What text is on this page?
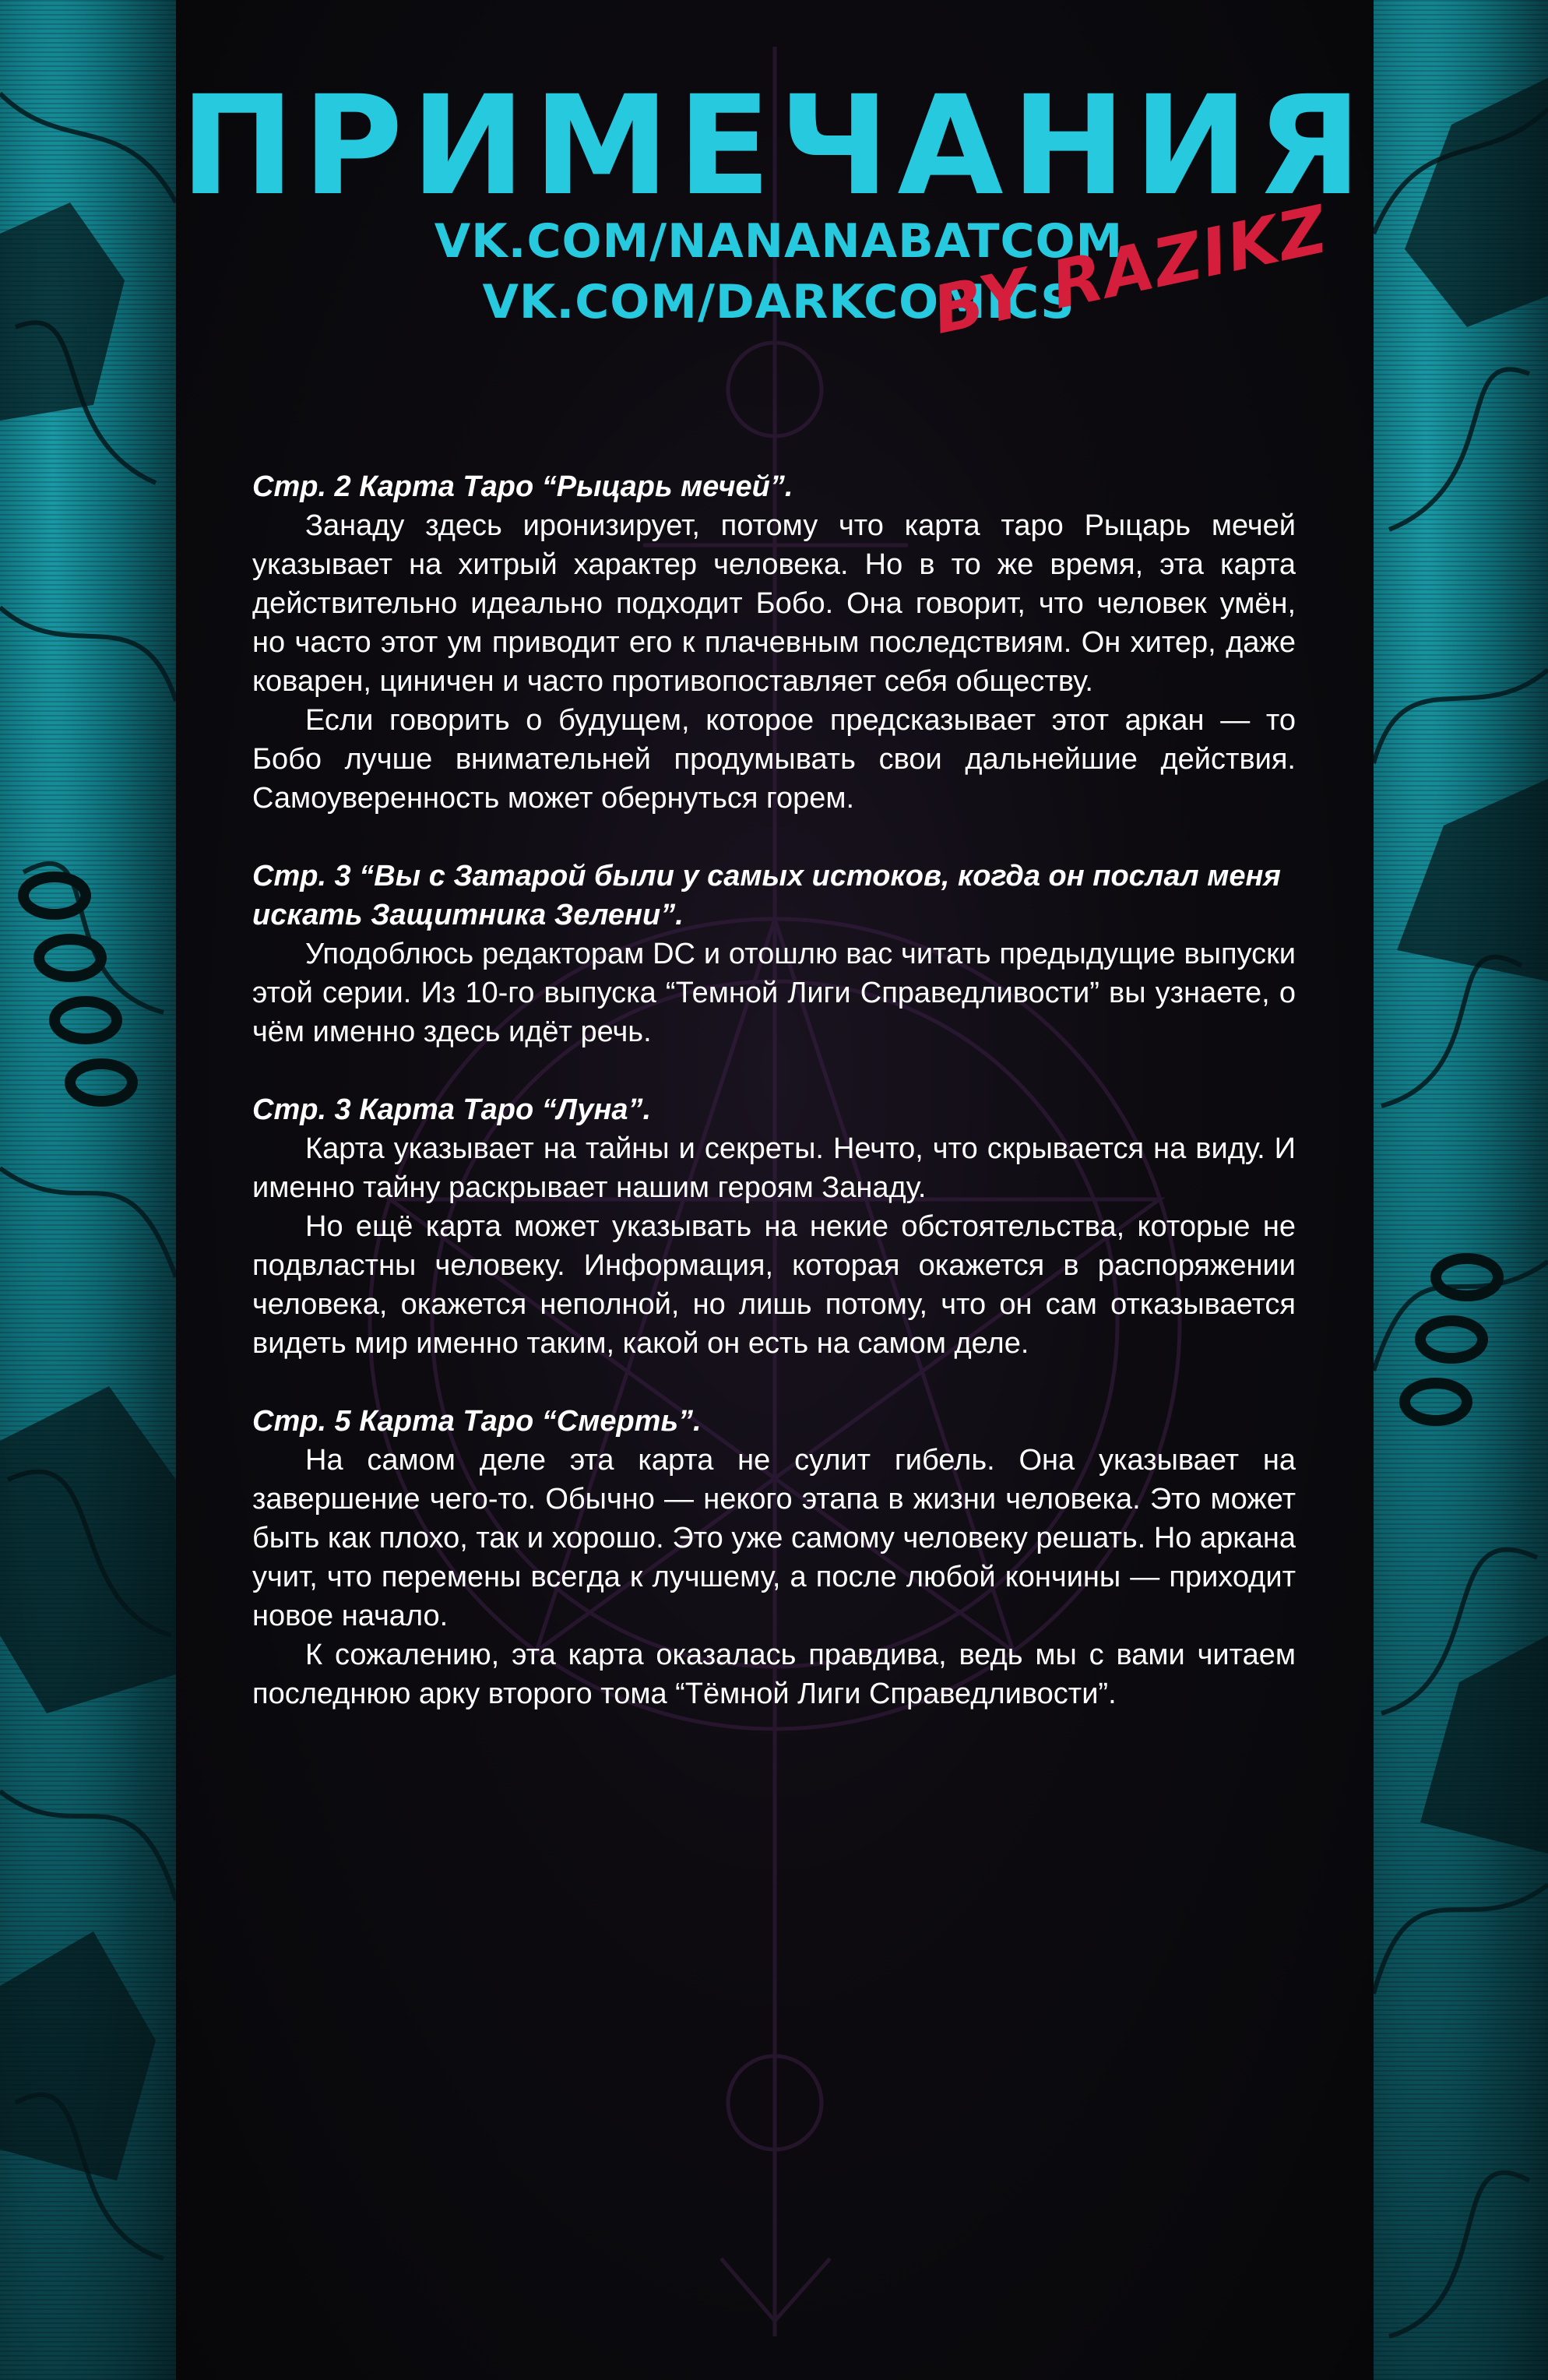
ПРИМЕЧАНИЯ
VK.COM/NANANABATCOM
VK.COM/DARKCOMICS
BY RAZIKZ

Стр. 2 Карта Таро “Рыцарь мечей”.

Занаду здесь иронизирует, потому что карта таро Рыцарь мечей указывает на хитрый характер человека. Но в то же время, эта карта действительно идеально подходит Бобо. Она говорит, что человек умён, но часто этот ум приводит его к плачевным последствиям. Он хитер, даже коварен, циничен и часто противопоставляет себя обществу.

Если говорить о будущем, которое предсказывает этот аркан — то Бобо лучше внимательней продумывать свои дальнейшие действия. Самоуверенность может обернуться горем.

Стр. 3 “Вы с Затарой были у самых истоков, когда он послал меня искать Защитника Зелени”.

Уподоблюсь редакторам DC и отошлю вас читать предыдущие выпуски этой серии. Из 10-го выпуска “Темной Лиги Справедливости” вы узнаете, о чём именно здесь идёт речь.

Стр. 3 Карта Таро “Луна”.

Карта указывает на тайны и секреты. Нечто, что скрывается на виду. И именно тайну раскрывает нашим героям Занаду.

Но ещё карта может указывать на некие обстоятельства, которые не подвластны человеку. Информация, которая окажется в распоряжении человека, окажется неполной, но лишь потому, что он сам отказывается видеть мир именно таким, какой он есть на самом деле.

Стр. 5 Карта Таро “Смерть”.

На самом деле эта карта не сулит гибель. Она указывает на завершение чего-то. Обычно — некого этапа в жизни человека. Это может быть как плохо, так и хорошо. Это уже самому человеку решать. Но аркана учит, что перемены всегда к лучшему, а после любой кончины — приходит новое начало.

К сожалению, эта карта оказалась правдива, ведь мы с вами читаем последнюю арку второго тома “Тёмной Лиги Справедливости”.
